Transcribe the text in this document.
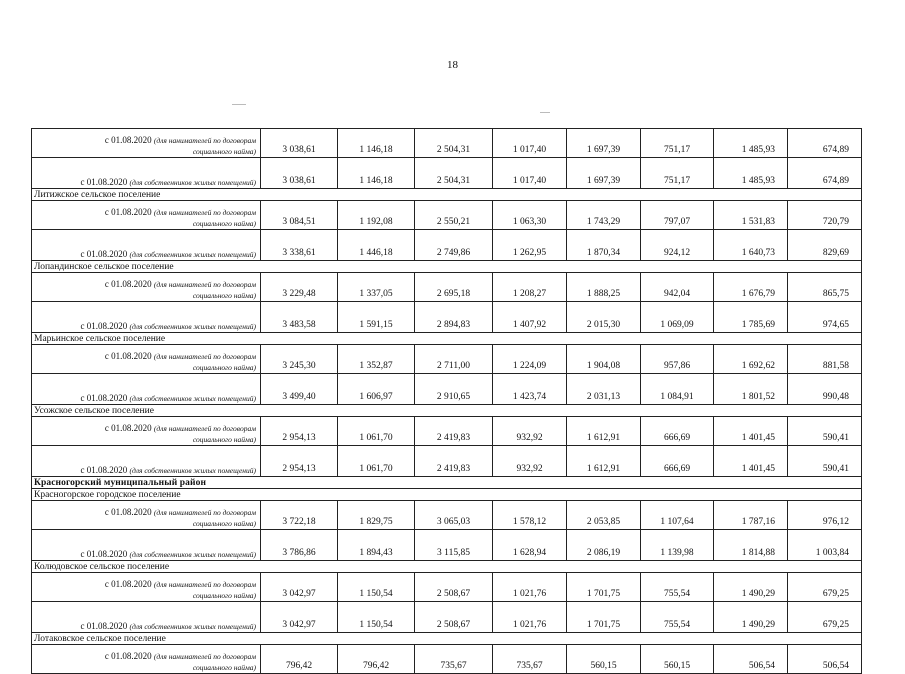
18
с 01.08.2020 (для нанимателей по договорам
социального найма)	3 038,61	1 146,18	2 504,31	1 017,40	1 697,39	751,17	1 485,93	674,89
с 01.08.2020 (для собственников жилых помещений)	3 038,61	1 146,18	2 504,31	1 017,40	1 697,39	751,17	1 485,93	674,89
Литижское сельское поселение								
с 01.08.2020 (для нанимателей по договорам
социального найма)	3 084,51	1 192,08	2 550,21	1 063,30	1 743,29	797,07	1 531,83	720,79
с 01.08.2020 (для собственников жилых помещений)	3 338,61	1 446,18	2 749,86	1 262,95	1 870,34	924,12	1 640,73	829,69
Лопандинское сельское поселение								
с 01.08.2020 (для нанимателей по договорам
социального найма)	3 229,48	1 337,05	2 695,18	1 208,27	1 888,25	942,04	1 676,79	865,75
с 01.08.2020 (для собственников жилых помещений)	3 483,58	1 591,15	2 894,83	1 407,92	2 015,30	1 069,09	1 785,69	974,65
Марьинское сельское поселение								
с 01.08.2020 (для нанимателей по договорам
социального найма)	3 245,30	1 352,87	2 711,00	1 224,09	1 904,08	957,86	1 692,62	881,58
с 01.08.2020 (для собственников жилых помещений)	3 499,40	1 606,97	2 910,65	1 423,74	2 031,13	1 084,91	1 801,52	990,48
Усожское сельское поселение								
с 01.08.2020 (для нанимателей по договорам
социального найма)	2 954,13	1 061,70	2 419,83	932,92	1 612,91	666,69	1 401,45	590,41
с 01.08.2020 (для собственников жилых помещений)	2 954,13	1 061,70	2 419,83	932,92	1 612,91	666,69	1 401,45	590,41
Красногорский муниципальный район								
Красногорское городское поселение								
с 01.08.2020 (для нанимателей по договорам
социального найма)	3 722,18	1 829,75	3 065,03	1 578,12	2 053,85	1 107,64	1 787,16	976,12
с 01.08.2020 (для собственников жилых помещений)	3 786,86	1 894,43	3 115,85	1 628,94	2 086,19	1 139,98	1 814,88	1 003,84
Колюдовское сельское поселение								
с 01.08.2020 (для нанимателей по договорам
социального найма)	3 042,97	1 150,54	2 508,67	1 021,76	1 701,75	755,54	1 490,29	679,25
с 01.08.2020 (для собственников жилых помещений)	3 042,97	1 150,54	2 508,67	1 021,76	1 701,75	755,54	1 490,29	679,25
Лотаковское сельское поселение								
с 01.08.2020 (для нанимателей по договорам
социального найма)	796,42	796,42	735,67	735,67	560,15	560,15	506,54	506,54
